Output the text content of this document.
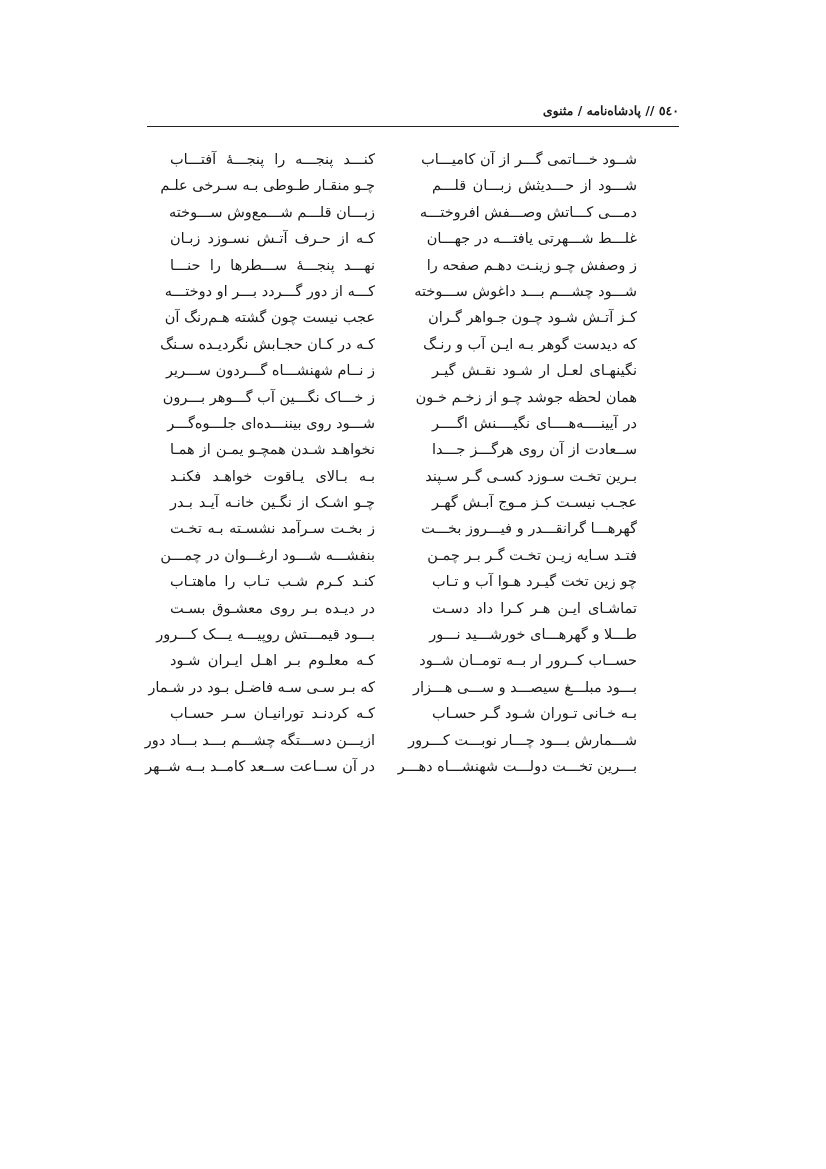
٥٤٠ // پادشاه‌نامه / مثنوی
شــود خـــاتمی گـــر از آن کامیـــاب
کنـــد پنجـــه را پنجـــهٔ آفتـــاب
شـــود از حـــدیثش زبـــان قلـــم
چـو منقـار طـوطی بـه سـرخی علـم
دمـــی کـــاتش وصـــفش افروختـــه
زبـــان قلـــم شـــمع‌وش ســـوخته
غلـــط شـــهرتی یافتـــه در جهـــان
کـه از حـرف آتـش نسـوزد زبـان
ز وصفش چـو زینـت دهـم صفحه را
نهـــد پنجـــهٔ ســـطرها را حنـــا
شـــود چشـــم بـــد داغوش ســـوخته
کـــه از دور گـــردد بـــر او دوختـــه
کـز آتـش شـود چـون جـواهر گـران
عجب نیست چون گشته هـم‌رنگ آن
که دیدست گوهر بـه ایـن آب و رنـگ
کـه در کـان حجـابش نگردیـده سـنگ
نگینهـای لعـل ار شـود نقـش گیـر
ز نــام شهنشـــاه گـــردون ســـریر
همان لحظه جوشد چـو از زخـم خـون
ز خـــاک نگـــین آب گـــوهر بـــرون
در آیینــــه‌هــــای نگیــــنش اگــــر
شـــود روی بیننـــده‌ای جلـــوه‌گـــر
ســعادت از آن روی هرگـــز جـــدا
نخواهـد شـدن همچـو یمـن از همـا
بـرین تخـت سـوزد کسـی گـر سـپند
بـه بـالای یـاقوت خواهـد فکنـد
عجـب نیسـت کـز مـوج آبـش گهـر
چـو اشـک از نگـین خانـه آیـد بـدر
گهرهـــا گرانقـــدر و فیـــروز بخـــت
ز بخـت سـرآمد نشسـته بـه تخـت
فتـد سـایه زیـن تخـت گـر بـر چمـن
بنفشـــه شـــود ارغـــوان در چمـــن
چو زین تخت گیـرد هـوا آب و تـاب
کنـد کـرم شـب تـاب را ماهتـاب
تماشـای ایـن هـر کـرا داد دسـت
در دیـده بـر روی معشـوق بسـت
طـــلا و گهرهـــای خورشـــید نـــور
بـــود قیمـــتش روپیـــه یـــک کـــرور
حســاب کــرور ار بــه تومــان شــود
کـه معلـوم بـر اهـل ایـران شـود
بـــود مبلـــغ سیصـــد و ســـی هـــزار
که بـر سـی سـه فاضـل بـود در شـمار
بـه خـانی تـوران شـود گـر حسـاب
کـه کردنـد تورانیـان سـر حسـاب
شـــمارش بـــود چـــار نوبـــت کـــرور
ازیـــن دســـتگه چشـــم بـــد بـــاد دور
بـــرین تخـــت دولـــت شهنشـــاه دهـــر
در آن ســاعت ســعد کامــد بــه شــهر
